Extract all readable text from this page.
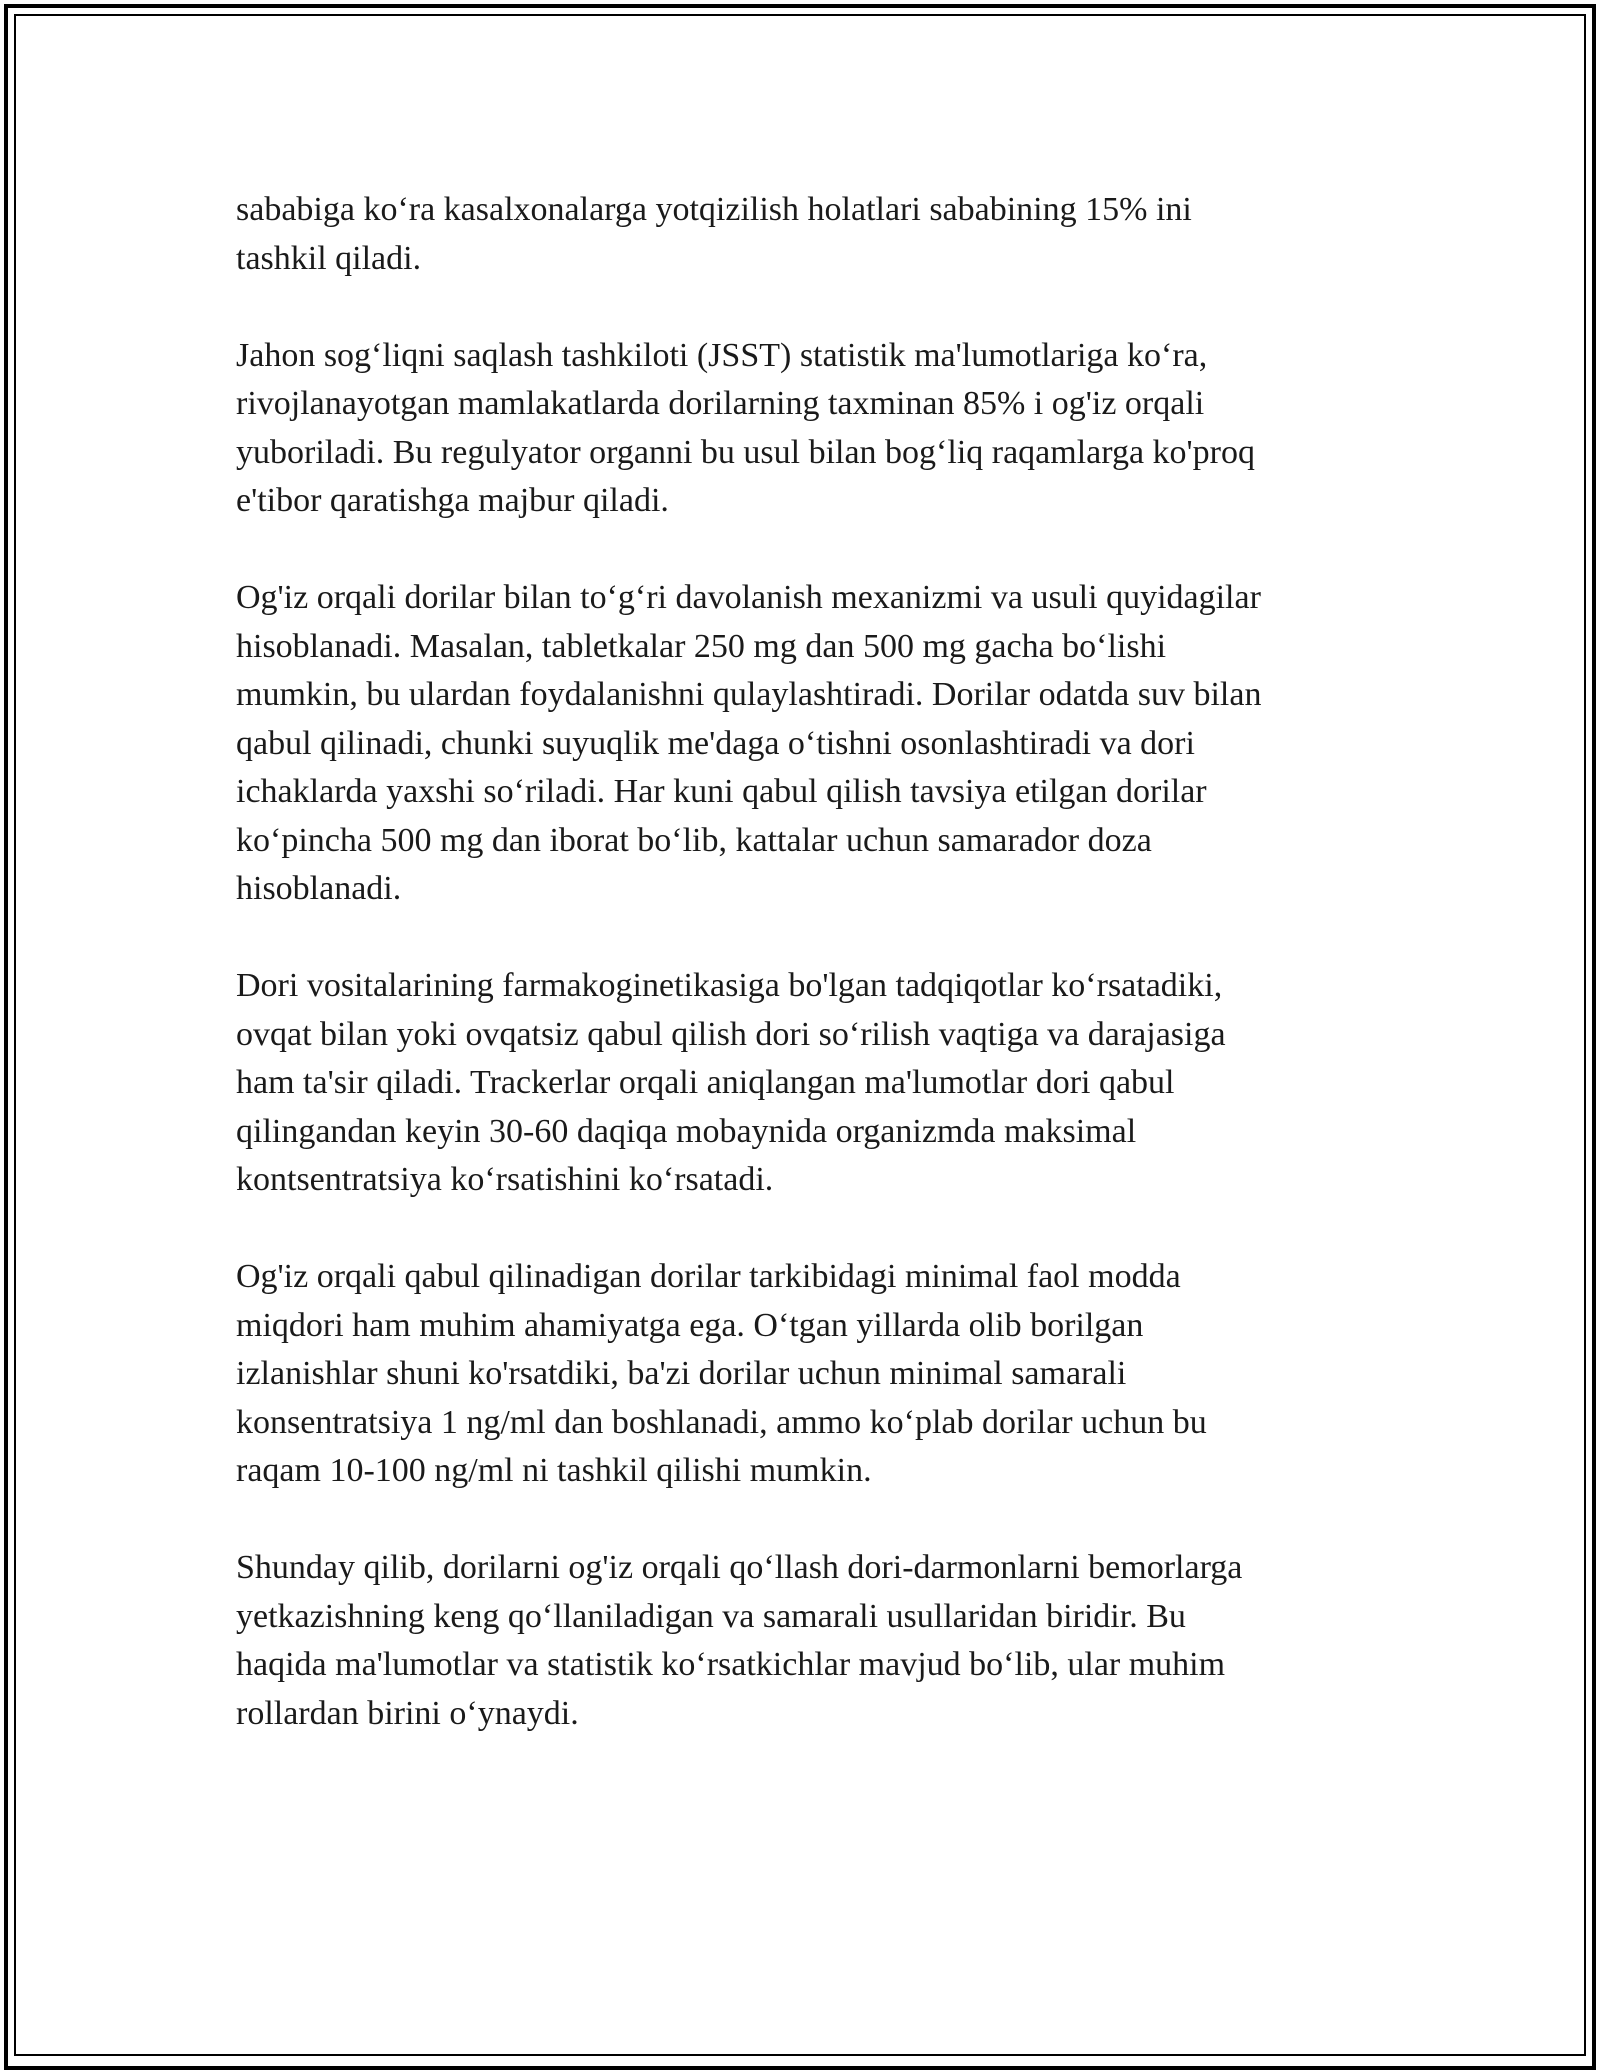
sababiga ko‘ra kasalxonalarga yotqizilish holatlari sababining 15% ini
tashkil qiladi.

Jahon sog‘liqni saqlash tashkiloti (JSST) statistik ma'lumotlariga ko‘ra,
rivojlanayotgan mamlakatlarda dorilarning taxminan 85% i og'iz orqali
yuboriladi. Bu regulyator organni bu usul bilan bog‘liq raqamlarga ko'proq
e'tibor qaratishga majbur qiladi.

Og'iz orqali dorilar bilan to‘g‘ri davolanish mexanizmi va usuli quyidagilar
hisoblanadi. Masalan, tabletkalar 250 mg dan 500 mg gacha bo‘lishi
mumkin, bu ulardan foydalanishni qulaylashtiradi. Dorilar odatda suv bilan
qabul qilinadi, chunki suyuqlik me'daga o‘tishni osonlashtiradi va dori
ichaklarda yaxshi so‘riladi. Har kuni qabul qilish tavsiya etilgan dorilar
ko‘pincha 500 mg dan iborat bo‘lib, kattalar uchun samarador doza
hisoblanadi.

Dori vositalarining farmakoginetikasiga bo'lgan tadqiqotlar ko‘rsatadiki,
ovqat bilan yoki ovqatsiz qabul qilish dori so‘rilish vaqtiga va darajasiga
ham ta'sir qiladi. Trackerlar orqali aniqlangan ma'lumotlar dori qabul
qilingandan keyin 30-60 daqiqa mobaynida organizmda maksimal
kontsentratsiya ko‘rsatishini ko‘rsatadi.

Og'iz orqali qabul qilinadigan dorilar tarkibidagi minimal faol modda
miqdori ham muhim ahamiyatga ega. O‘tgan yillarda olib borilgan
izlanishlar shuni ko'rsatdiki, ba'zi dorilar uchun minimal samarali
konsentratsiya 1 ng/ml dan boshlanadi, ammo ko‘plab dorilar uchun bu
raqam 10-100 ng/ml ni tashkil qilishi mumkin.

Shunday qilib, dorilarni og'iz orqali qo‘llash dori-darmonlarni bemorlarga
yetkazishning keng qo‘llaniladigan va samarali usullaridan biridir. Bu
haqida ma'lumotlar va statistik ko‘rsatkichlar mavjud bo‘lib, ular muhim
rollardan birini o‘ynaydi.
